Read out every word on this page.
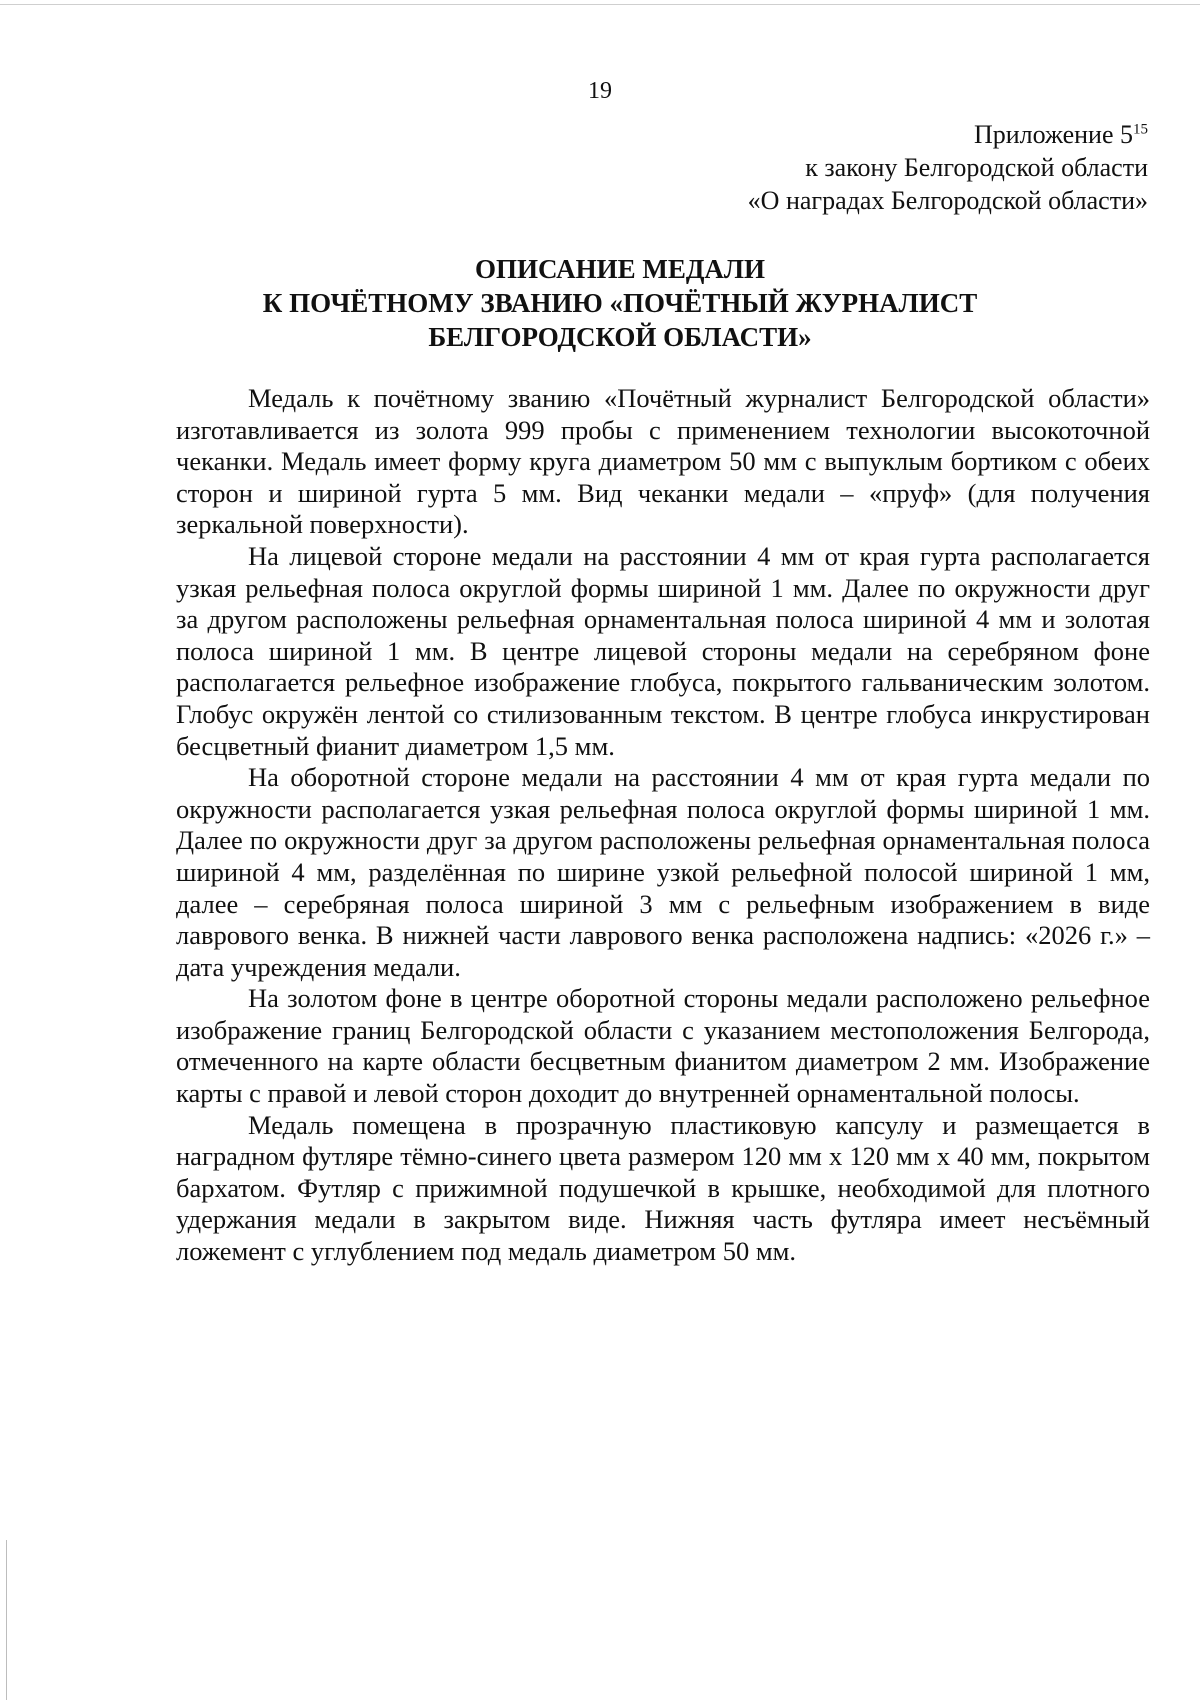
19
Приложение $5^{15}$
к закону Белгородской области
«О наградах Белгородской области»
ОПИСАНИЕ МЕДАЛИ
К ПОЧЁТНОМУ ЗВАНИЮ «ПОЧЁТНЫЙ ЖУРНАЛИСТ
БЕЛГОРОДСКОЙ ОБЛАСТИ»

Медаль к почётному званию «Почётный журналист Белгородской области» изготавливается из золота 999 пробы с применением технологии высокоточной чеканки. Медаль имеет форму круга диаметром 50 мм с выпуклым бортиком с обеих сторон и шириной гурта 5 мм. Вид чеканки медали – «пруф» (для получения зеркальной поверхности).

На лицевой стороне медали на расстоянии 4 мм от края гурта располагается узкая рельефная полоса округлой формы шириной 1 мм. Далее по окружности друг за другом расположены рельефная орнаментальная полоса шириной 4 мм и золотая полоса шириной 1 мм. В центре лицевой стороны медали на серебряном фоне располагается рельефное изображение глобуса, покрытого гальваническим золотом. Глобус окружён лентой со стилизованным текстом. В центре глобуса инкрустирован бесцветный фианит диаметром 1,5 мм.

На оборотной стороне медали на расстоянии 4 мм от края гурта медали по окружности располагается узкая рельефная полоса округлой формы шириной 1 мм. Далее по окружности друг за другом расположены рельефная орнаментальная полоса шириной 4 мм, разделённая по ширине узкой рельефной полосой шириной 1 мм, далее – серебряная полоса шириной 3 мм с рельефным изображением в виде лаврового венка. В нижней части лаврового венка расположена надпись: «2026 г.» – дата учреждения медали.

На золотом фоне в центре оборотной стороны медали расположено рельефное изображение границ Белгородской области с указанием местоположения Белгорода, отмеченного на карте области бесцветным фианитом диаметром 2 мм. Изображение карты с правой и левой сторон доходит до внутренней орнаментальной полосы.

Медаль помещена в прозрачную пластиковую капсулу и размещается в наградном футляре тёмно-синего цвета размером 120 мм х 120 мм х 40 мм, покрытом бархатом. Футляр с прижимной подушечкой в крышке, необходимой для плотного удержания медали в закрытом виде. Нижняя часть футляра имеет несъёмный ложемент с углублением под медаль диаметром 50 мм.
